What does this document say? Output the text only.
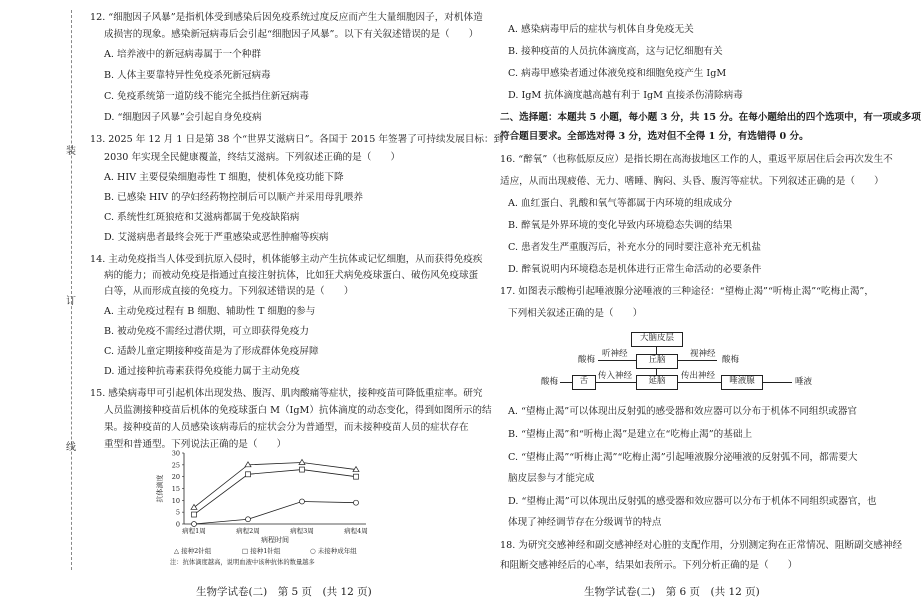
装
订
线
12. “细胞因子风暴”是指机体受到感染后因免疫系统过度反应而产生大量细胞因子，对机体造
成损害的现象。感染新冠病毒后会引起“细胞因子风暴”。以下有关叙述错误的是（　　）
A. 培养液中的新冠病毒属于一个种群
B. 人体主要靠特异性免疫杀死新冠病毒
C. 免疫系统第一道防线不能完全抵挡住新冠病毒
D. “细胞因子风暴”会引起自身免疫病
13. 2025 年 12 月 1 日是第 38 个“世界艾滋病日”。各国于 2015 年签署了可持续发展目标：到
2030 年实现全民健康覆盖，终结艾滋病。下列叙述正确的是（　　）
A. HIV 主要侵染细胞毒性 T 细胞，使机体免疫功能下降
B. 已感染 HIV 的孕妇经药物控制后可以顺产并采用母乳喂养
C. 系统性红斑狼疮和艾滋病都属于免疫缺陷病
D. 艾滋病患者最终会死于严重感染或恶性肿瘤等疾病
14. 主动免疫指当人体受到抗原入侵时，机体能够主动产生抗体或记忆细胞，从而获得免疫疾
病的能力；而被动免疫是指通过直接注射抗体，比如狂犬病免疫球蛋白、破伤风免疫球蛋
白等，从而形成直接的免疫力。下列叙述错误的是（　　）
A. 主动免疫过程有 B 细胞、辅助性 T 细胞的参与
B. 被动免疫不需经过潜伏期，可立即获得免疫力
C. 适龄儿童定期接种疫苗是为了形成群体免疫屏障
D. 通过接种抗毒素获得免疫能力属于主动免疫
15. 感染病毒甲可引起机体出现发热、腹泻、肌肉酸痛等症状，接种疫苗可降低重症率。研究
人员监测接种疫苗后机体的免疫球蛋白 M（IgM）抗体滴度的动态变化，得到如图所示的结
果。接种疫苗的人员感染该病毒后的症状会分为普通型，而未接种疫苗人员的症状存在
重型和普通型。下列说法正确的是（　　）
0
5
10
15
20
25
30
抗体滴度
病程1周	病程2周	病程3周	病程4周
病程时间
△ 接种2针组	□ 接种1针组	○ 未接种成年组
注：抗体滴度越高，说明血液中该种抗体的数量越多
A. 感染病毒甲后的症状与机体自身免疫无关
B. 接种疫苗的人员抗体滴度高，这与记忆细胞有关
C. 病毒甲感染者通过体液免疫和细胞免疫产生 IgM
D. IgM 抗体滴度越高越有利于 IgM 直接杀伤清除病毒
二、选择题：本题共 5 小题，每小题 3 分，共 15 分。在每小题给出的四个选项中，有一项或多项
符合题目要求。全部选对得 3 分，选对但不全得 1 分，有选错得 0 分。
16. “醉氧”（也称低原反应）是指长期在高海拔地区工作的人，重返平原居住后会再次发生不
适应，从而出现疲倦、无力、嗜睡、胸闷、头昏、腹泻等症状。下列叙述正确的是（　　）
A. 血红蛋白、乳酸和氧气等都属于内环境的组成成分
B. 醉氧是外界环境的变化导致内环境稳态失调的结果
C. 患者发生严重腹泻后，补充水分的同时要注意补充无机盐
D. 醉氧说明内环境稳态是机体进行正常生命活动的必要条件
17. 如图表示酸梅引起唾液腺分泌唾液的三种途径：“望梅止渴”“听梅止渴”“吃梅止渴”，
下列相关叙述正确的是（　　）
A. “望梅止渴”可以体现出反射弧的感受器和效应器可以分布于机体不同组织或器官
B. “望梅止渴”和“听梅止渴”是建立在“吃梅止渴”的基础上
C. “望梅止渴”“听梅止渴”“吃梅止渴”引起唾液腺分泌唾液的反射弧不同，都需要大
脑皮层参与才能完成
D. “望梅止渴”可以体现出反射弧的感受器和效应器可以分布于机体不同组织或器官，也
体现了神经调节存在分级调节的特点
18. 为研究交感神经和副交感神经对心脏的支配作用，分别测定狗在正常情况、阻断副交感神经
和阻断交感神经后的心率，结果如表所示。下列分析正确的是（　　）
大脑皮层
丘脑
延脑
酸梅
听神经	视神经
酸梅
酸梅	舌	传入神经	传出神经	唾液腺	唾液
生物学试卷(二)　第 5 页　(共 12 页)	生物学试卷(二)　第 6 页　(共 12 页)
